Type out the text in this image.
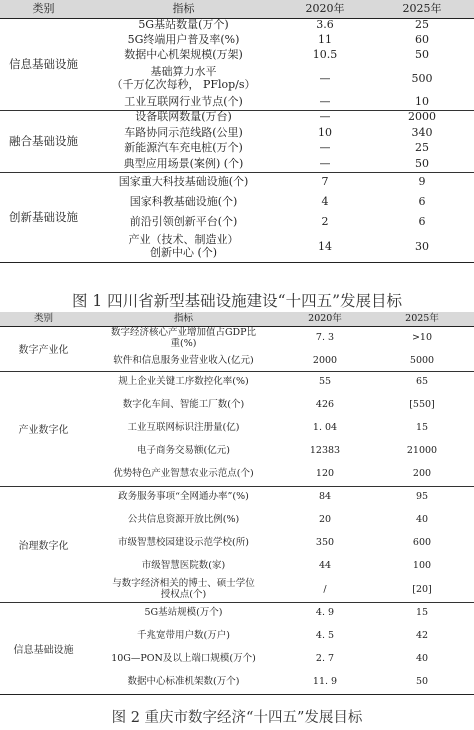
类别	指标	2020年	2025年
信息基础设施
5G基站数量(万个)	3.6	25
5G终端用户普及率(%)	11	60
数据中心机架规模(万架)	10.5	50
基础算力水平
（千万亿次每秒， PFlop/s）	—	500
工业互联网行业节点(个)	—	10
融合基础设施
设备联网数量(万台)	—	2000
车路协同示范线路(公里)	10	340
新能源汽车充电桩(万个)	—	25
典型应用场景(案例) (个)	—	50
创新基础设施
国家重大科技基础设施(个)	7	9
国家科教基础设施(个)	4	6
前沿引领创新平台(个)	2	6
产业（技术、制造业）
创新中心 (个)	14	30
图 1 四川省新型基础设施建设“十四五”发展目标
类别	指标	2020年	2025年
数字产业化
数字经济核心产业增加值占GDP比
重(%)	7. 3	>10
软件和信息服务业营业收入(亿元)	2000	5000
产业数字化
规上企业关键工序数控化率(%)	55	65
数字化车间、智能工厂数(个)	426	[550]
工业互联网标识注册量(亿)	1. 04	15
电子商务交易额(亿元)	12383	21000
优势特色产业智慧农业示范点(个)	120	200
治理数字化
政务服务事项“全网通办率”(%)	84	95
公共信息资源开放比例(%)	20	40
市级智慧校园建设示范学校(所)	350	600
市级智慧医院数(家)	44	100
与数字经济相关的博士、硕士学位
授权点(个)	/	[20]
信息基础设施
5G基站规模(万个)	4. 9	15
千兆宽带用户数(万户)	4. 5	42
10G—PON及以上端口规模(万个)	2. 7	40
数据中心标准机架数(万个)	11. 9	50
图 2 重庆市数字经济“十四五”发展目标
